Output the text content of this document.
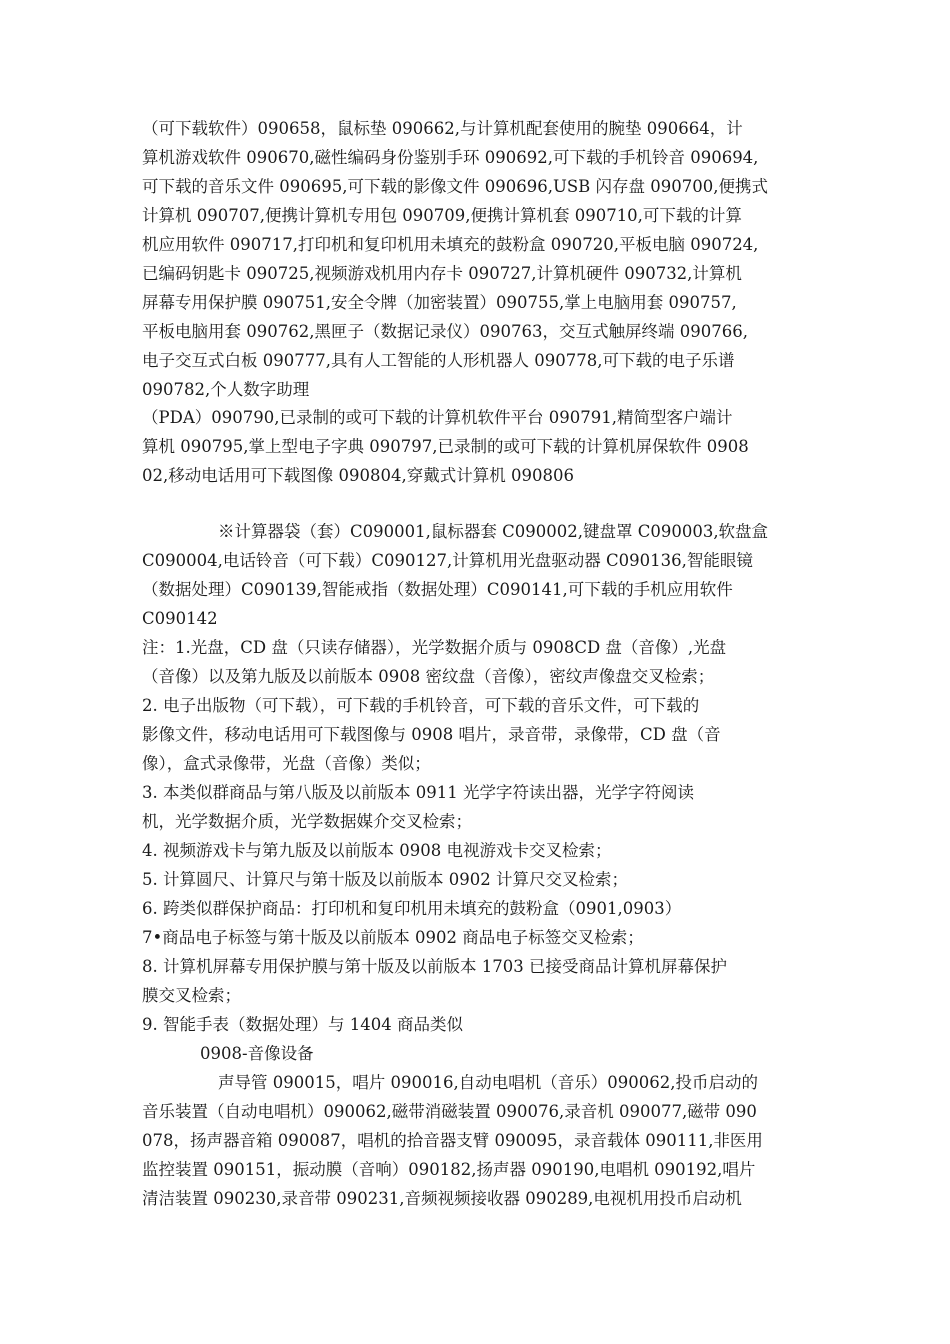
（可下载软件）090658，鼠标垫 090662,与计算机配套使用的腕垫 090664，计
算机游戏软件 090670,磁性编码身份鉴别手环 090692,可下载的手机铃音 090694,
可下载的音乐文件 090695,可下载的影像文件 090696,USB 闪存盘 090700,便携式
计算机 090707,便携计算机专用包 090709,便携计算机套 090710,可下载的计算
机应用软件 090717,打印机和复印机用未填充的鼓粉盒 090720,平板电脑 090724,
已编码钥匙卡 090725,视频游戏机用内存卡 090727,计算机硬件 090732,计算机
屏幕专用保护膜 090751,安全令牌（加密装置）090755,掌上电脑用套 090757,
平板电脑用套 090762,黑匣子（数据记录仪）090763，交互式触屏终端 090766,
电子交互式白板 090777,具有人工智能的人形机器人 090778,可下载的电子乐谱
090782,个人数字助理
（PDA）090790,已录制的或可下载的计算机软件平台 090791,精简型客户端计
算机 090795,掌上型电子字典 090797,已录制的或可下载的计算机屏保软件 0908
02,移动电话用可下载图像 090804,穿戴式计算机 090806
※计算器袋（套）C090001,鼠标器套 C090002,键盘罩 C090003,软盘盒
C090004,电话铃音（可下载）C090127,计算机用光盘驱动器 C090136,智能眼镜
（数据处理）C090139,智能戒指（数据处理）C090141,可下载的手机应用软件
C090142
注：1.光盘，CD 盘（只读存储器），光学数据介质与 0908CD 盘（音像）,光盘
（音像）以及第九版及以前版本 0908 密纹盘（音像），密纹声像盘交叉检索；
2. 电子出版物（可下载），可下载的手机铃音，可下载的音乐文件，可下载的
影像文件，移动电话用可下载图像与 0908 唱片，录音带，录像带，CD 盘（音
像），盒式录像带，光盘（音像）类似；
3. 本类似群商品与第八版及以前版本 0911 光学字符读出器，光学字符阅读
机，光学数据介质，光学数据媒介交叉检索；
4. 视频游戏卡与第九版及以前版本 0908 电视游戏卡交叉检索；
5. 计算圆尺、计算尺与第十版及以前版本 0902 计算尺交叉检索；
6. 跨类似群保护商品：打印机和复印机用未填充的鼓粉盒（0901,0903）
7•商品电子标签与第十版及以前版本 0902 商品电子标签交叉检索；
8. 计算机屏幕专用保护膜与第十版及以前版本 1703 已接受商品计算机屏幕保护
膜交叉检索；
9. 智能手表（数据处理）与 1404 商品类似
0908-音像设备
声导管 090015，唱片 090016,自动电唱机（音乐）090062,投币启动的
音乐装置（自动电唱机）090062,磁带消磁装置 090076,录音机 090077,磁带 090
078，扬声器音箱 090087，唱机的拾音器支臂 090095，录音载体 090111,非医用
监控装置 090151，振动膜（音响）090182,扬声器 090190,电唱机 090192,唱片
清洁装置 090230,录音带 090231,音频视频接收器 090289,电视机用投币启动机
